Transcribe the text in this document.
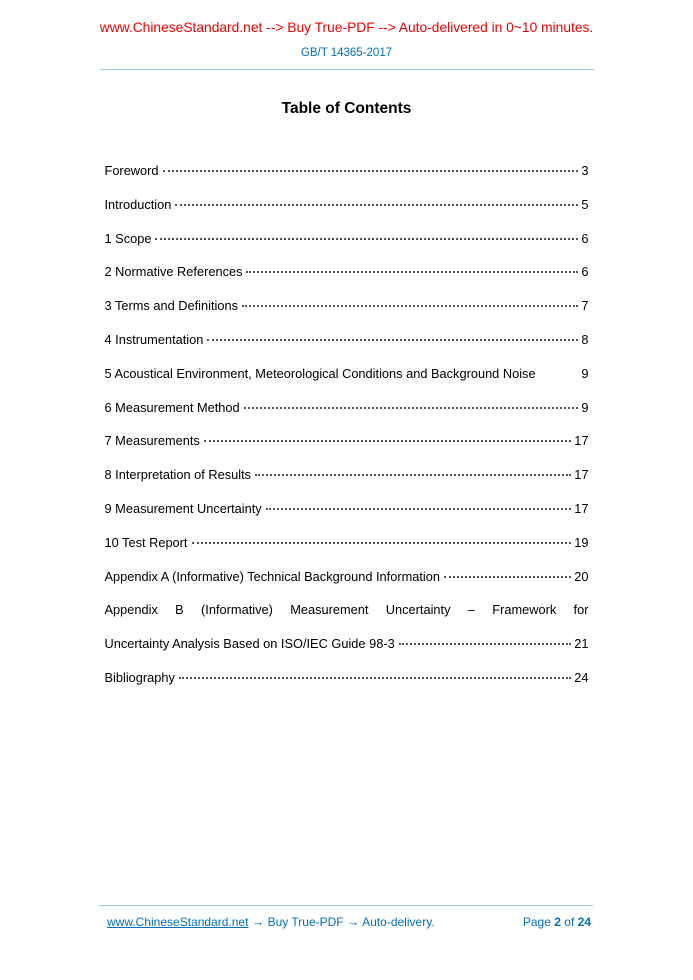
www.ChineseStandard.net --> Buy True-PDF --> Auto-delivered in 0~10 minutes.
GB/T 14365-2017
Table of Contents
Foreword	3
Introduction	5
1 Scope	6
2 Normative References	6
3 Terms and Definitions	7
4 Instrumentation	8
5 Acoustical Environment, Meteorological Conditions and Background Noise	9
6 Measurement Method	9
7 Measurements	17
8 Interpretation of Results	17
9 Measurement Uncertainty	17
10 Test Report	19
Appendix A (Informative) Technical Background Information	20
Appendix B (Informative) Measurement Uncertainty – Framework for
Uncertainty Analysis Based on ISO/IEC Guide 98-3	21
Bibliography	24
www.ChineseStandard.net → Buy True-PDF → Auto-delivery.	Page 2 of 24
